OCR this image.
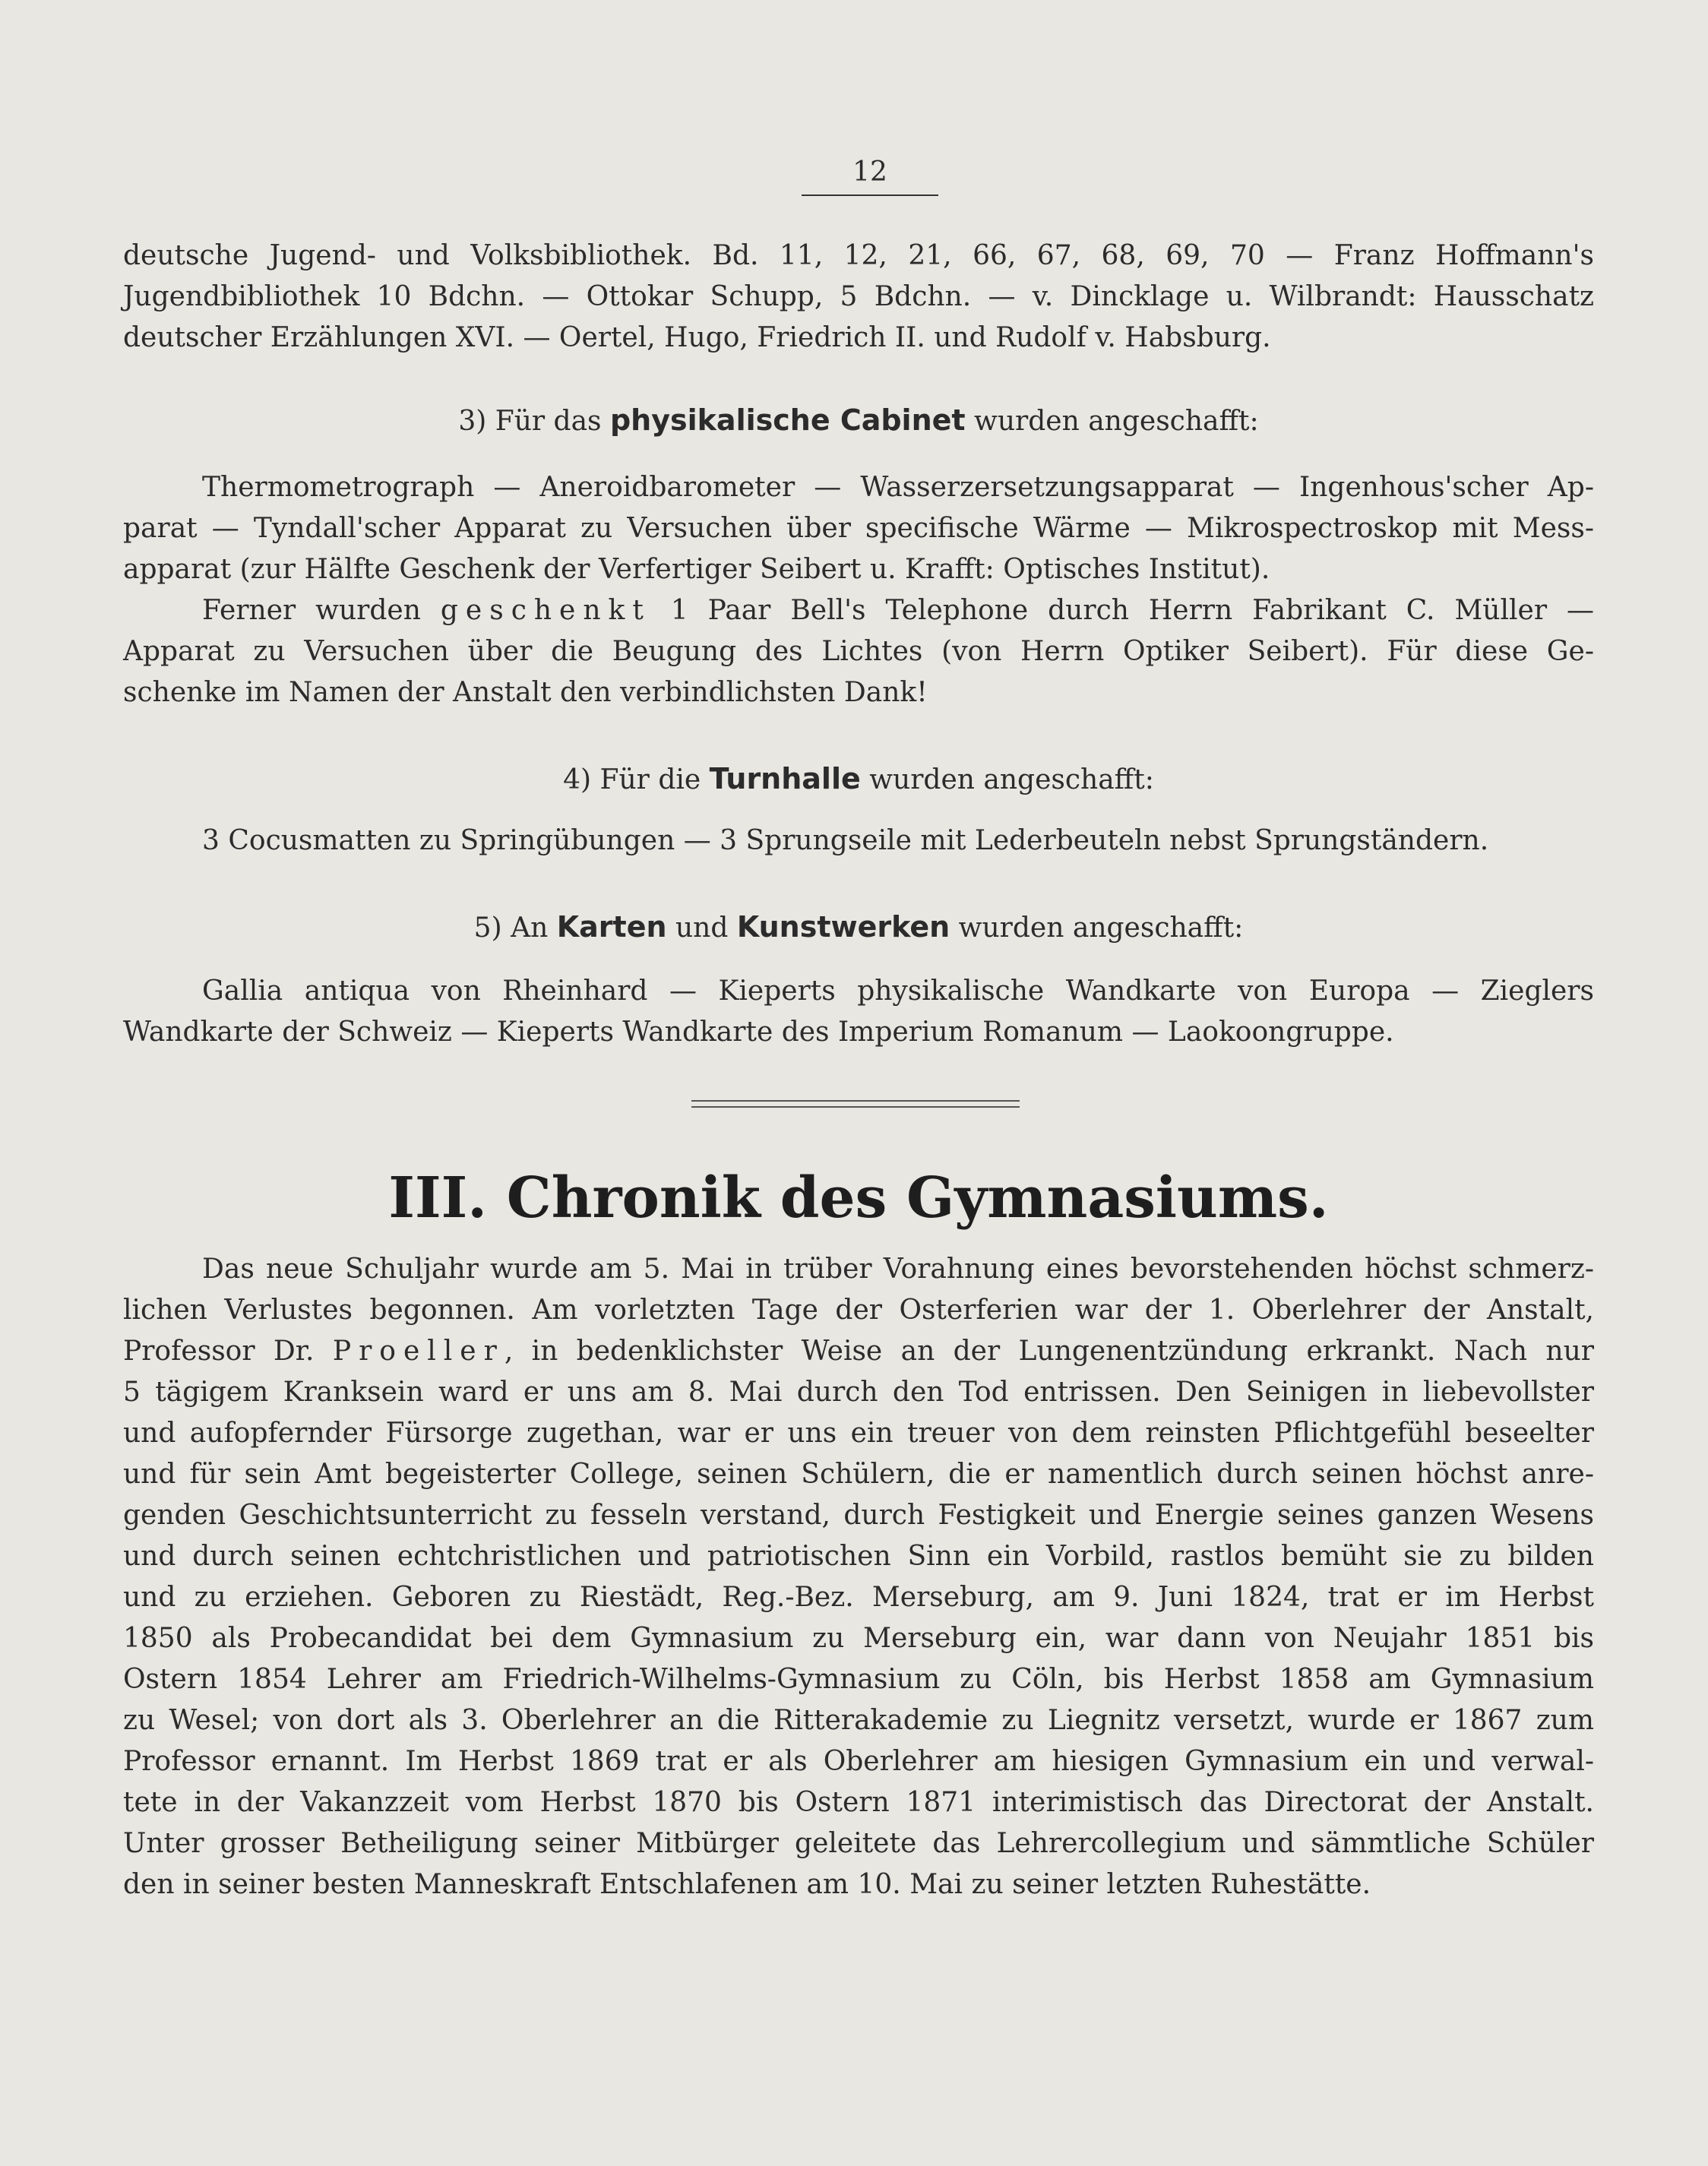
12

deutsche Jugend- und Volksbibliothek. Bd. 11, 12, 21, 66, 67, 68, 69, 70 — Franz Hoffmann's

Jugendbibliothek 10 Bdchn. — Ottokar Schupp, 5 Bdchn. — v. Dincklage u. Wilbrandt: Hausschatz

deutscher Erzählungen XVI. — Oertel, Hugo, Friedrich II. und Rudolf v. Habsburg.

3) Für das physikalische Cabinet wurden angeschafft:

Thermometrograph — Aneroidbarometer — Wasserzersetzungsapparat — Ingenhous'scher Ap-

parat — Tyndall'scher Apparat zu Versuchen über specifische Wärme — Mikrospectroskop mit Mess-

apparat (zur Hälfte Geschenk der Verfertiger Seibert u. Krafft: Optisches Institut).

Ferner wurden geschenkt 1 Paar Bell's Telephone durch Herrn Fabrikant C. Müller —

Apparat zu Versuchen über die Beugung des Lichtes (von Herrn Optiker Seibert). Für diese Ge-

schenke im Namen der Anstalt den verbindlichsten Dank!

4) Für die Turnhalle wurden angeschafft:

3 Cocusmatten zu Springübungen — 3 Sprungseile mit Lederbeuteln nebst Sprungständern.

5) An Karten und Kunstwerken wurden angeschafft:

Gallia antiqua von Rheinhard — Kieperts physikalische Wandkarte von Europa — Zieglers

Wandkarte der Schweiz — Kieperts Wandkarte des Imperium Romanum — Laokoongruppe.

III. Chronik des Gymnasiums.

Das neue Schuljahr wurde am 5. Mai in trüber Vorahnung eines bevorstehenden höchst schmerz-

lichen Verlustes begonnen. Am vorletzten Tage der Osterferien war der 1. Oberlehrer der Anstalt,

Professor Dr. Proeller, in bedenklichster Weise an der Lungenentzündung erkrankt. Nach nur

5 tägigem Kranksein ward er uns am 8. Mai durch den Tod entrissen. Den Seinigen in liebevollster

und aufopfernder Fürsorge zugethan, war er uns ein treuer von dem reinsten Pflichtgefühl beseelter

und für sein Amt begeisterter College, seinen Schülern, die er namentlich durch seinen höchst anre-

genden Geschichtsunterricht zu fesseln verstand, durch Festigkeit und Energie seines ganzen Wesens

und durch seinen echtchristlichen und patriotischen Sinn ein Vorbild, rastlos bemüht sie zu bilden

und zu erziehen. Geboren zu Riestädt, Reg.-Bez. Merseburg, am 9. Juni 1824, trat er im Herbst

1850 als Probecandidat bei dem Gymnasium zu Merseburg ein, war dann von Neujahr 1851 bis

Ostern 1854 Lehrer am Friedrich-Wilhelms-Gymnasium zu Cöln, bis Herbst 1858 am Gymnasium

zu Wesel; von dort als 3. Oberlehrer an die Ritterakademie zu Liegnitz versetzt, wurde er 1867 zum

Professor ernannt. Im Herbst 1869 trat er als Oberlehrer am hiesigen Gymnasium ein und verwal-

tete in der Vakanzzeit vom Herbst 1870 bis Ostern 1871 interimistisch das Directorat der Anstalt.

Unter grosser Betheiligung seiner Mitbürger geleitete das Lehrercollegium und sämmtliche Schüler

den in seiner besten Manneskraft Entschlafenen am 10. Mai zu seiner letzten Ruhestätte.
